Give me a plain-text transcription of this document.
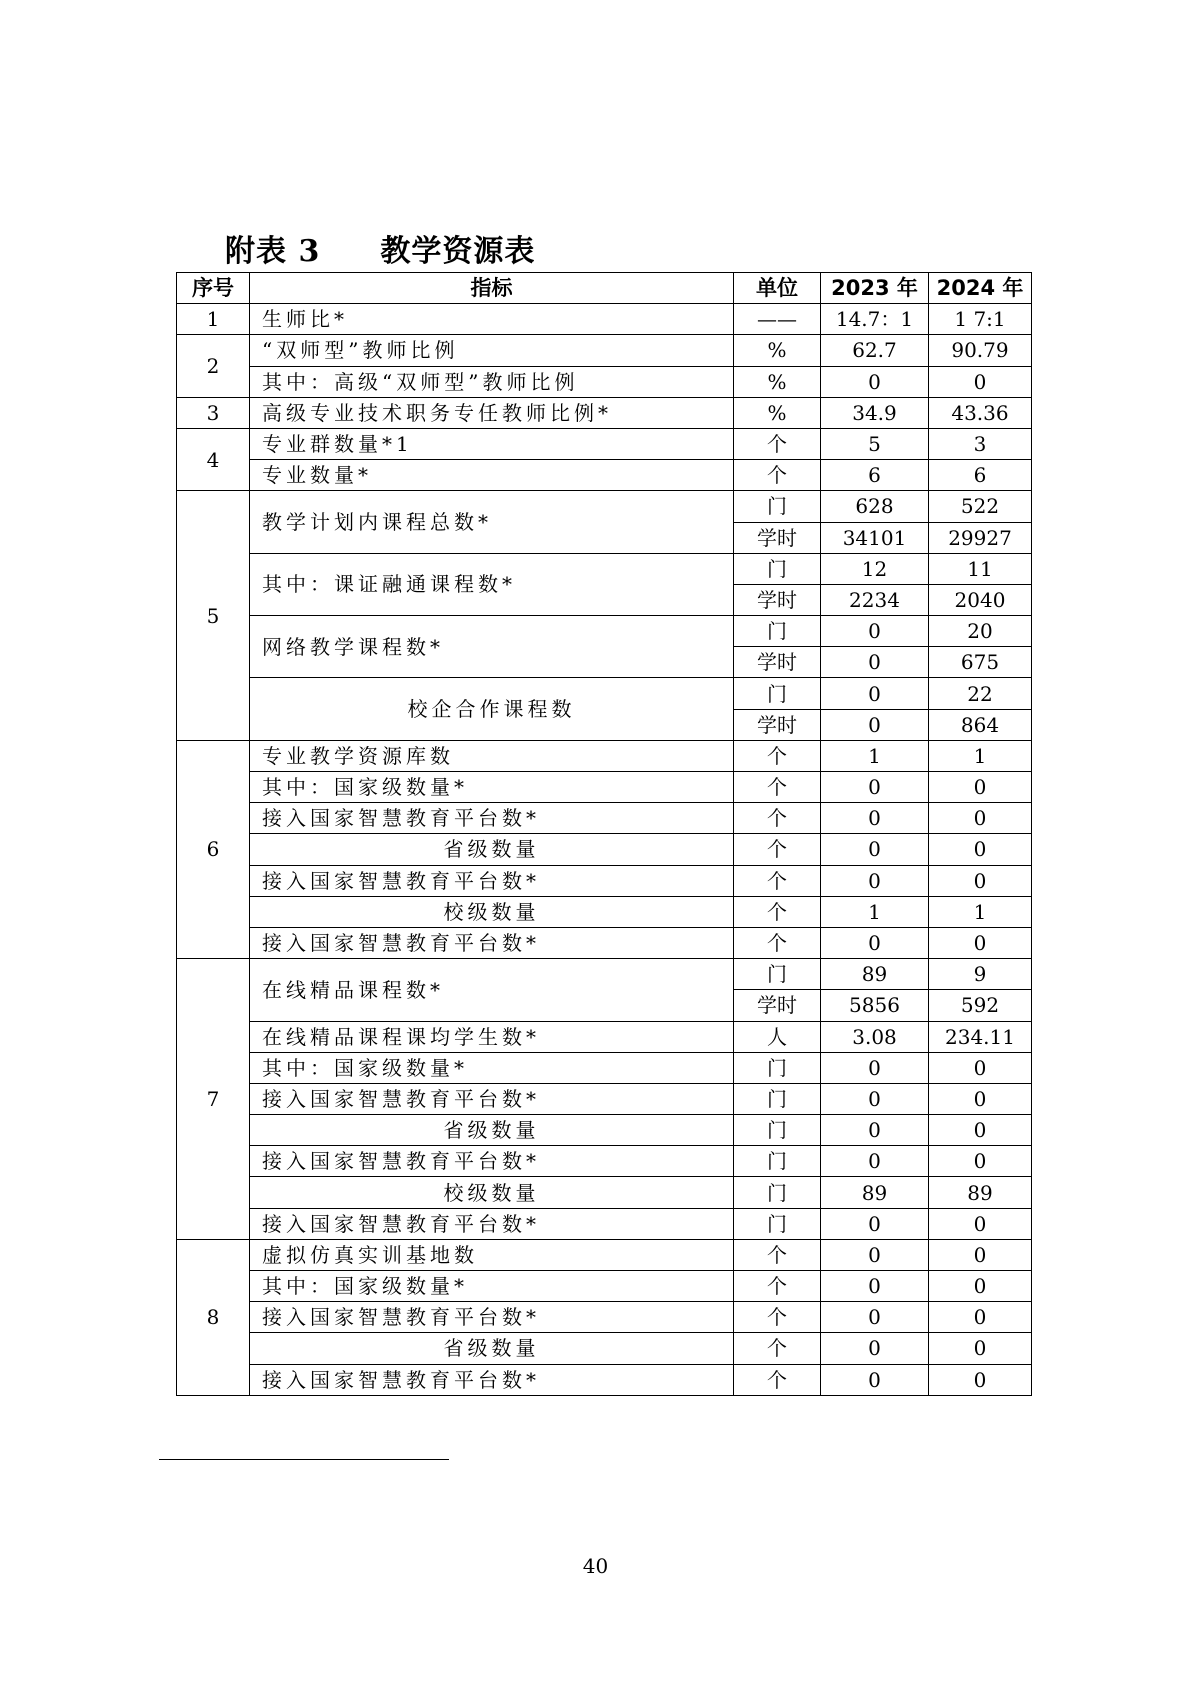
附表 3 教学资源表
序号	指标	单位	2023 年	2024 年
1	生师比*	——	14.7：1	1 7:1
2	“双师型”教师比例	%	62.7	90.79
	其中：高级“双师型”教师比例	%	0	0
3	高级专业技术职务专任教师比例*	%	34.9	43.36
4	专业群数量*1	个	5	3
	专业数量*	个	6	6
5	教学计划内课程总数*	门	628	522
		学时	34101	29927
	其中：课证融通课程数*	门	12	11
		学时	2234	2040
	网络教学课程数*	门	0	20
		学时	0	675
	校企合作课程数	门	0	22
		学时	0	864
6	专业教学资源库数	个	1	1
	其中：国家级数量*	个	0	0
	接入国家智慧教育平台数*	个	0	0
	省级数量	个	0	0
	接入国家智慧教育平台数*	个	0	0
	校级数量	个	1	1
	接入国家智慧教育平台数*	个	0	0
7	在线精品课程数*	门	89	9
		学时	5856	592
	在线精品课程课均学生数*	人	3.08	234.11
	其中：国家级数量*	门	0	0
	接入国家智慧教育平台数*	门	0	0
	省级数量	门	0	0
	接入国家智慧教育平台数*	门	0	0
	校级数量	门	89	89
	接入国家智慧教育平台数*	门	0	0
8	虚拟仿真实训基地数	个	0	0
	其中：国家级数量*	个	0	0
	接入国家智慧教育平台数*	个	0	0
	省级数量	个	0	0
	接入国家智慧教育平台数*	个	0	0
40
